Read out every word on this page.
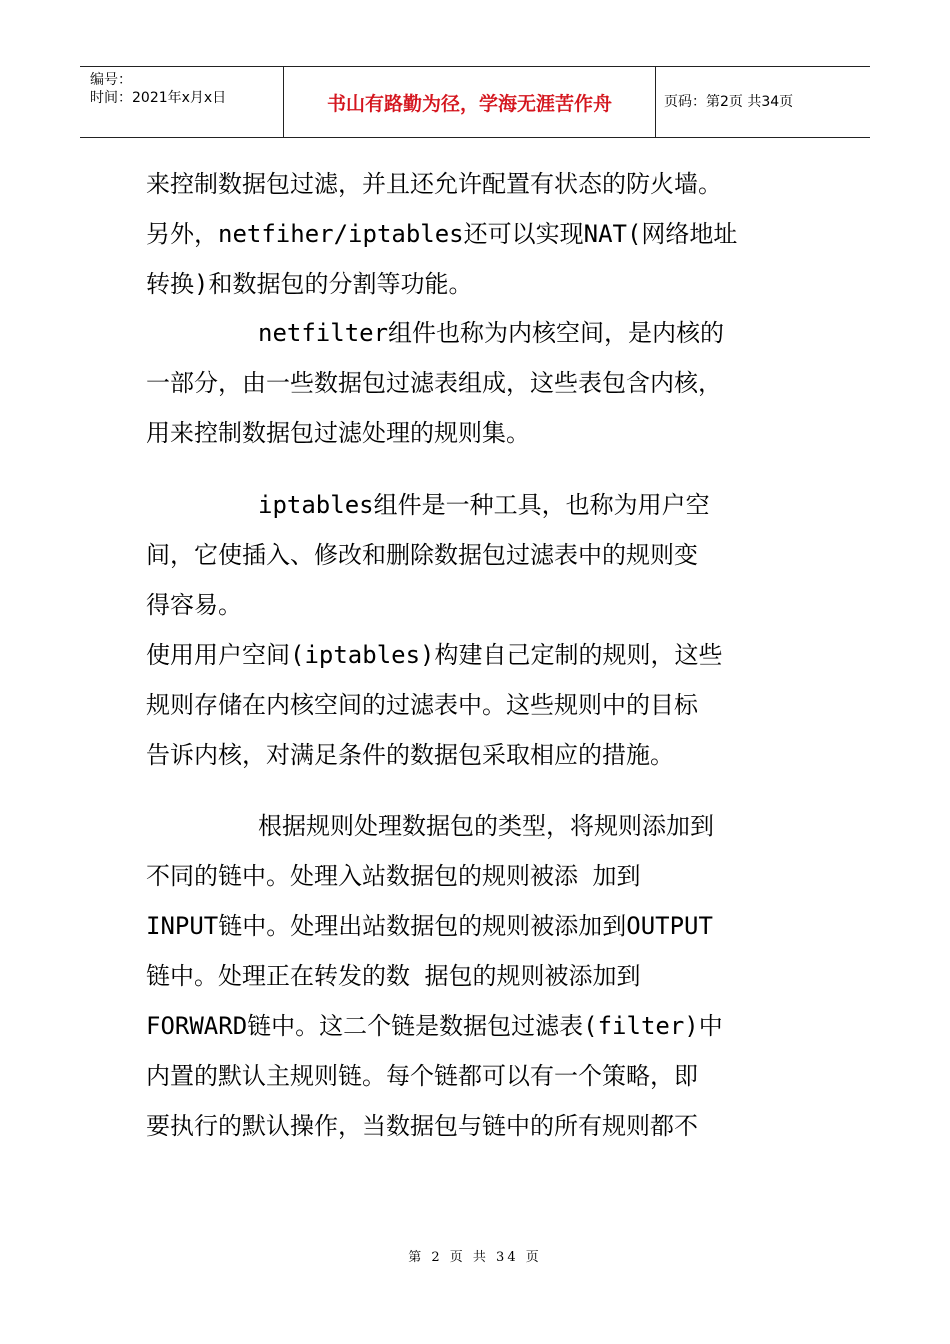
编号：
时间：2021年x月x日	书山有路勤为径，学海无涯苦作舟	页码：第2页 共34页

来控制数据包过滤，并且还允许配置有状态的防火墙。

另外，netfiher/iptables还可以实现NAT(网络地址

转换)和数据包的分割等功能。

netfilter组件也称为内核空间，是内核的

一部分，由一些数据包过滤表组成，这些表包含内核，

用来控制数据包过滤处理的规则集。

iptables组件是一种工具，也称为用户空

间，它使插入、修改和删除数据包过滤表中的规则变

得容易。

使用用户空间(iptables)构建自己定制的规则，这些

规则存储在内核空间的过滤表中。这些规则中的目标

告诉内核，对满足条件的数据包采取相应的措施。

根据规则处理数据包的类型，将规则添加到

不同的链中。处理入站数据包的规则被添 加到

INPUT链中。处理出站数据包的规则被添加到OUTPUT

链中。处理正在转发的数 据包的规则被添加到

FORWARD链中。这二个链是数据包过滤表(filter)中

内置的默认主规则链。每个链都可以有一个策略，即

要执行的默认操作，当数据包与链中的所有规则都不

第 2 页 共 34 页
